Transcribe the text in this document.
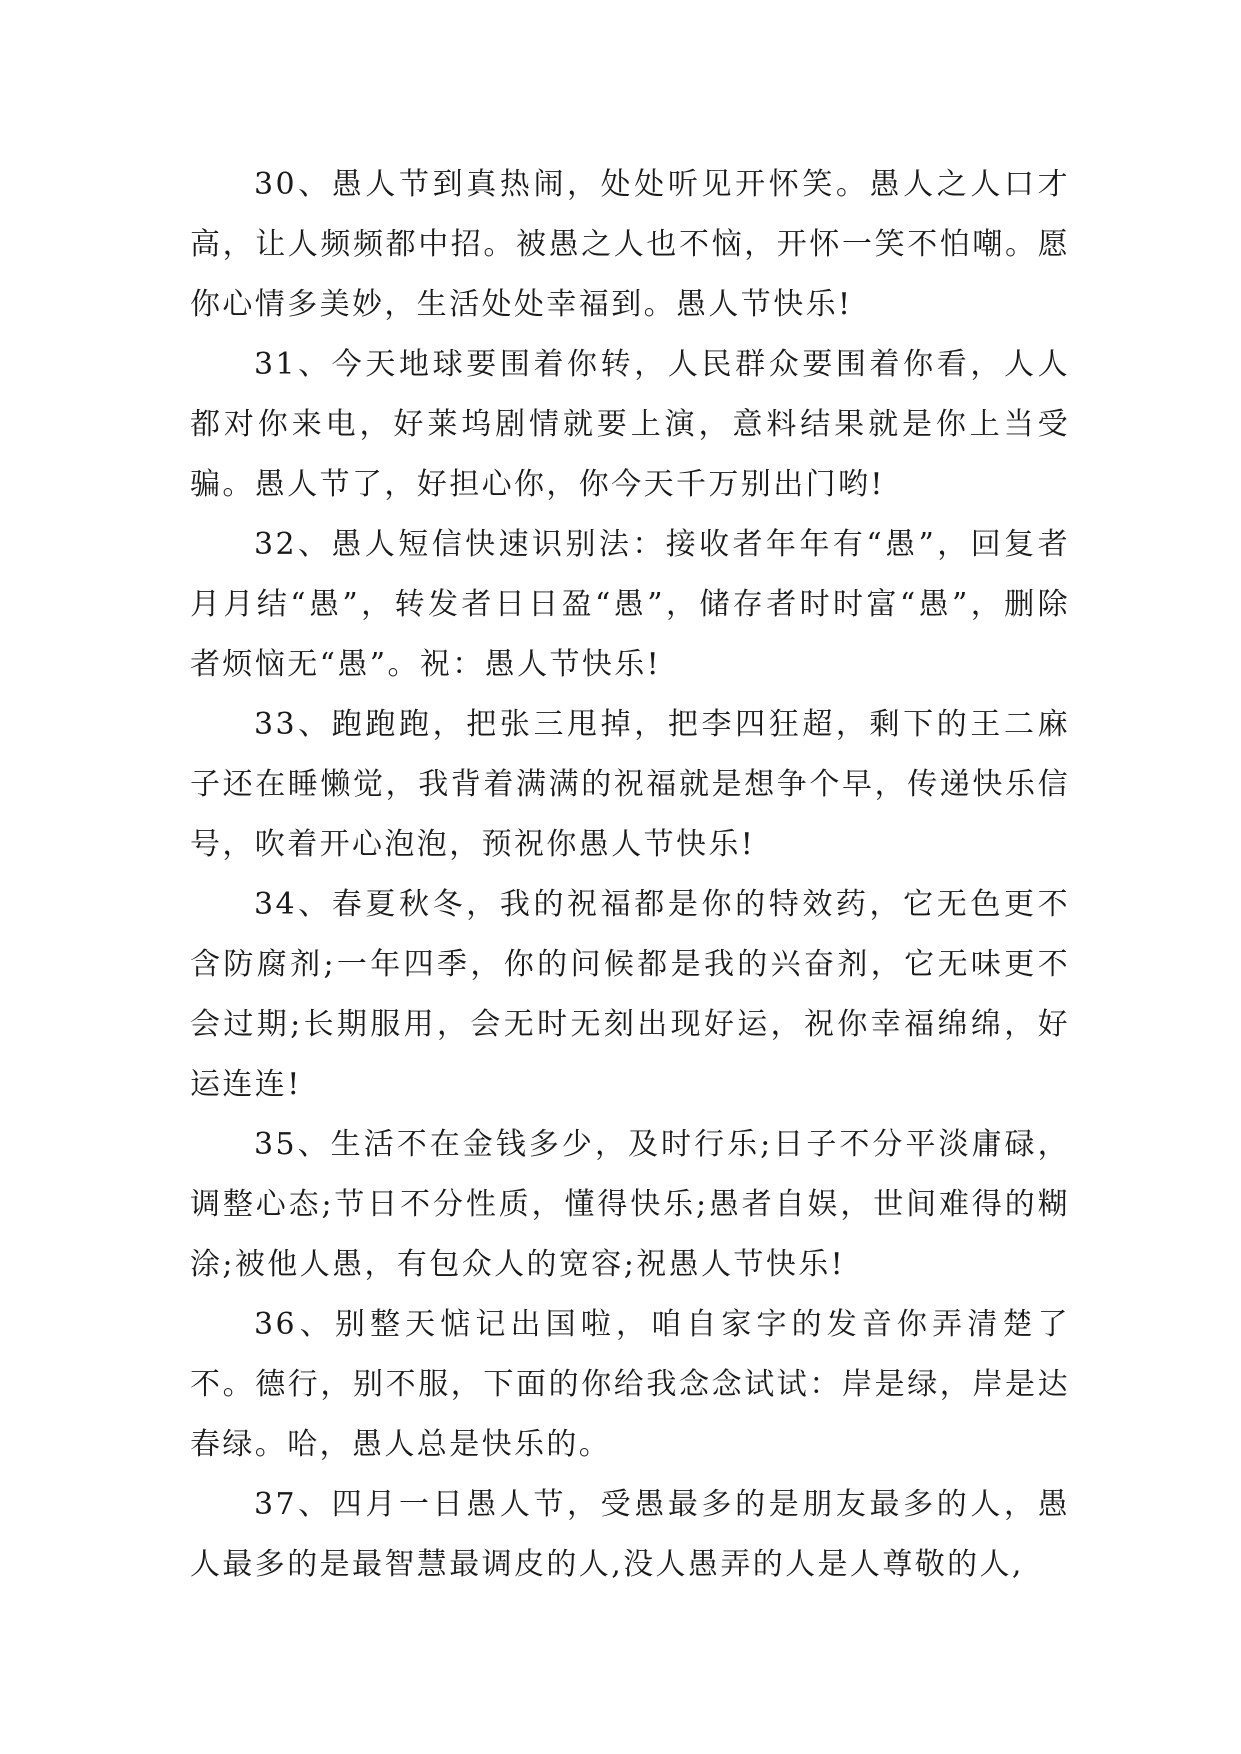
30、愚人节到真热闹，处处听见开怀笑。愚人之人口才高，让人频频都中招。被愚之人也不恼，开怀一笑不怕嘲。愿你心情多美妙，生活处处幸福到。愚人节快乐!

31、今天地球要围着你转，人民群众要围着你看，人人都对你来电，好莱坞剧情就要上演，意料结果就是你上当受骗。愚人节了，好担心你，你今天千万别出门哟!

32、愚人短信快速识别法：接收者年年有“愚”，回复者月月结“愚”，转发者日日盈“愚”，储存者时时富“愚”，删除者烦恼无“愚”。祝：愚人节快乐!

33、跑跑跑，把张三甩掉，把李四狂超，剩下的王二麻子还在睡懒觉，我背着满满的祝福就是想争个早，传递快乐信号，吹着开心泡泡，预祝你愚人节快乐!

34、春夏秋冬，我的祝福都是你的特效药，它无色更不含防腐剂;一年四季，你的问候都是我的兴奋剂，它无味更不会过期;长期服用，会无时无刻出现好运，祝你幸福绵绵，好运连连!

35、生活不在金钱多少，及时行乐;日子不分平淡庸碌，调整心态;节日不分性质，懂得快乐;愚者自娱，世间难得的糊涂;被他人愚，有包众人的宽容;祝愚人节快乐!

36、别整天惦记出国啦，咱自家字的发音你弄清楚了不。德行，别不服，下面的你给我念念试试：岸是绿，岸是达春绿。哈，愚人总是快乐的。

37、四月一日愚人节，受愚最多的是朋友最多的人，愚人最多的是最智慧最调皮的人,没人愚弄的人是人尊敬的人,
